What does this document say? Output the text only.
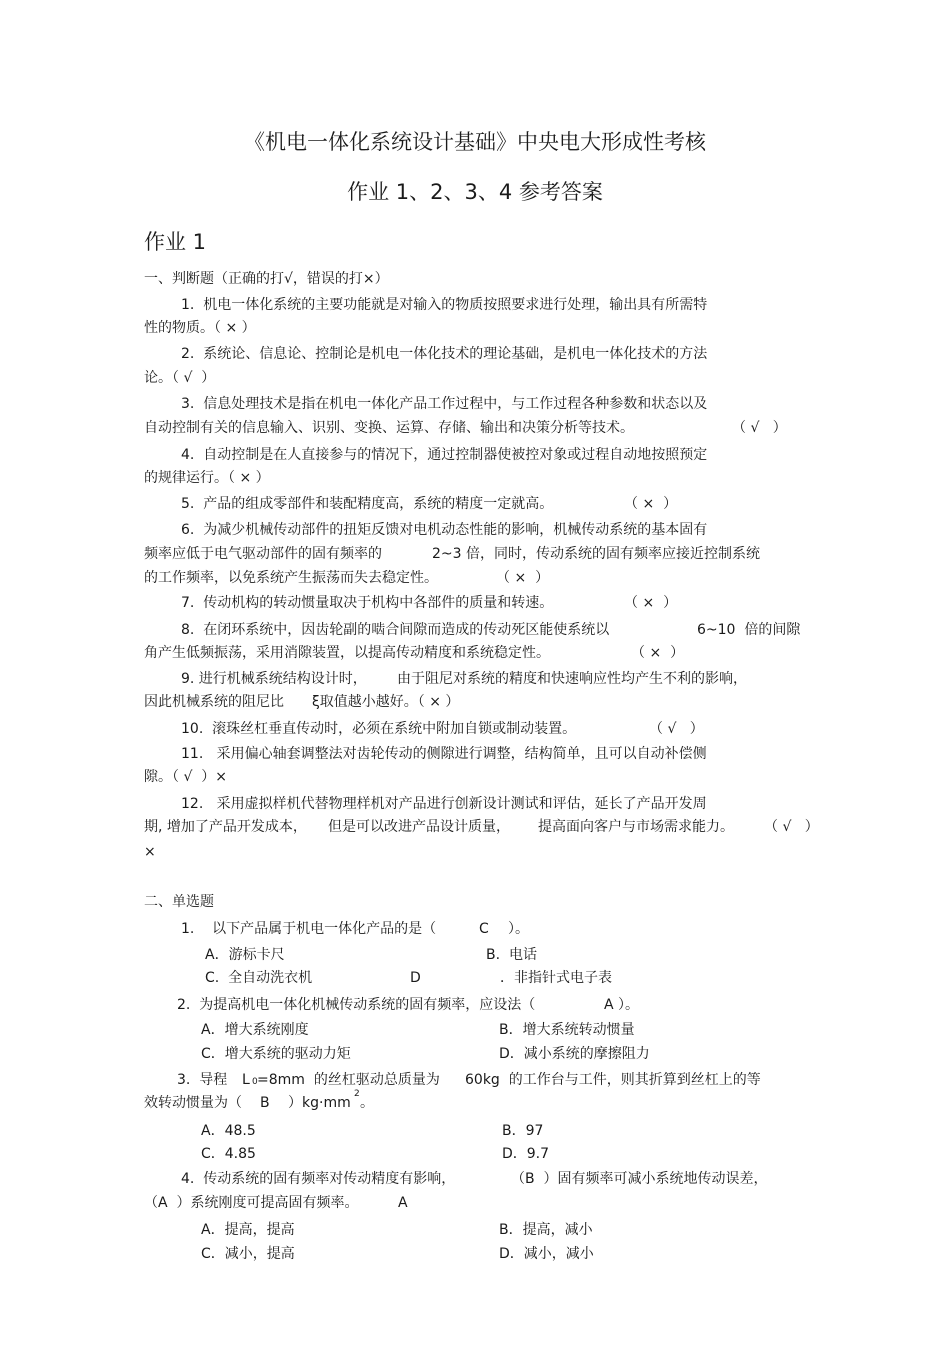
《机电一体化系统设计基础》中央电大形成性考核
作业 1、2、3、4 参考答案
作业 1
一、判断题（正确的打√，错误的打×）
1.  机电一体化系统的主要功能就是对输入的物质按照要求进行处理，输出具有所需特
性的物质。（ × ）
2.  系统论、信息论、控制论是机电一体化技术的理论基础，是机电一体化技术的方法
论。（ √  ）
3.  信息处理技术是指在机电一体化产品工作过程中，与工作过程各种参数和状态以及
自动控制有关的信息输入、识别、变换、运算、存储、输出和决策分析等技术。	（ √   ）
4.  自动控制是在人直接参与的情况下，通过控制器使被控对象或过程自动地按照预定
的规律运行。（ × ）
5.  产品的组成零部件和装配精度高，系统的精度一定就高。	（ ×  ）
6.  为减少机械传动部件的扭矩反馈对电机动态性能的影响，机械传动系统的基本固有
频率应低于电气驱动部件的固有频率的	2~3 倍，同时，传动系统的固有频率应接近控制系统
的工作频率，以免系统产生振荡而失去稳定性。	（ ×  ）
7.  传动机构的转动惯量取决于机构中各部件的质量和转速。	（ ×  ）
8.  在闭环系统中，因齿轮副的啮合间隙而造成的传动死区能使系统以	6~10  倍的间隙
角产生低频振荡，采用消隙装置，以提高传动精度和系统稳定性。	（ ×  ）
9. 进行机械系统结构设计时， 由于阻尼对系统的精度和快速响应性均产生不利的影响，
因此机械系统的阻尼比 ξ取值越小越好。（ × ）
10.  滚珠丝杠垂直传动时，必须在系统中附加自锁或制动装置。	（ √   ）
11.   采用偏心轴套调整法对齿轮传动的侧隙进行调整，结构简单，且可以自动补偿侧
隙。（ √  ）×
12.   采用虚拟样机代替物理样机对产品进行创新设计测试和评估，延长了产品开发周
期, 增加了产品开发成本， 但是可以改进产品设计质量， 提高面向客户与市场需求能力。 （ √   ）
×
二、单选题
1.    以下产品属于机电一体化产品的是（	C ）。
A．游标卡尺	B.  电话
C.  全自动洗衣机	D	．非指针式电子表
2.  为提高机电一体化机械传动系统的固有频率，应设法（	A ）。
A．增大系统刚度	B．增大系统转动惯量
C．增大系统的驱动力矩	D．减小系统的摩擦阻力
3.  导程 L 0 =8mm  的丝杠驱动总质量为 60kg  的工作台与工件，则其折算到丝杠上的等
效转动惯量为（ B ）kg·mm
2
。
A．48.5	B．97
C．4.85	D．9.7
4.  传动系统的固有频率对传动精度有影响，	（B  ）固有频率可减小系统地传动误差，
（A  ）系统刚度可提高固有频率。	A
A．提高，提高	B．提高，减小
C．减小，提高	D．减小，减小
